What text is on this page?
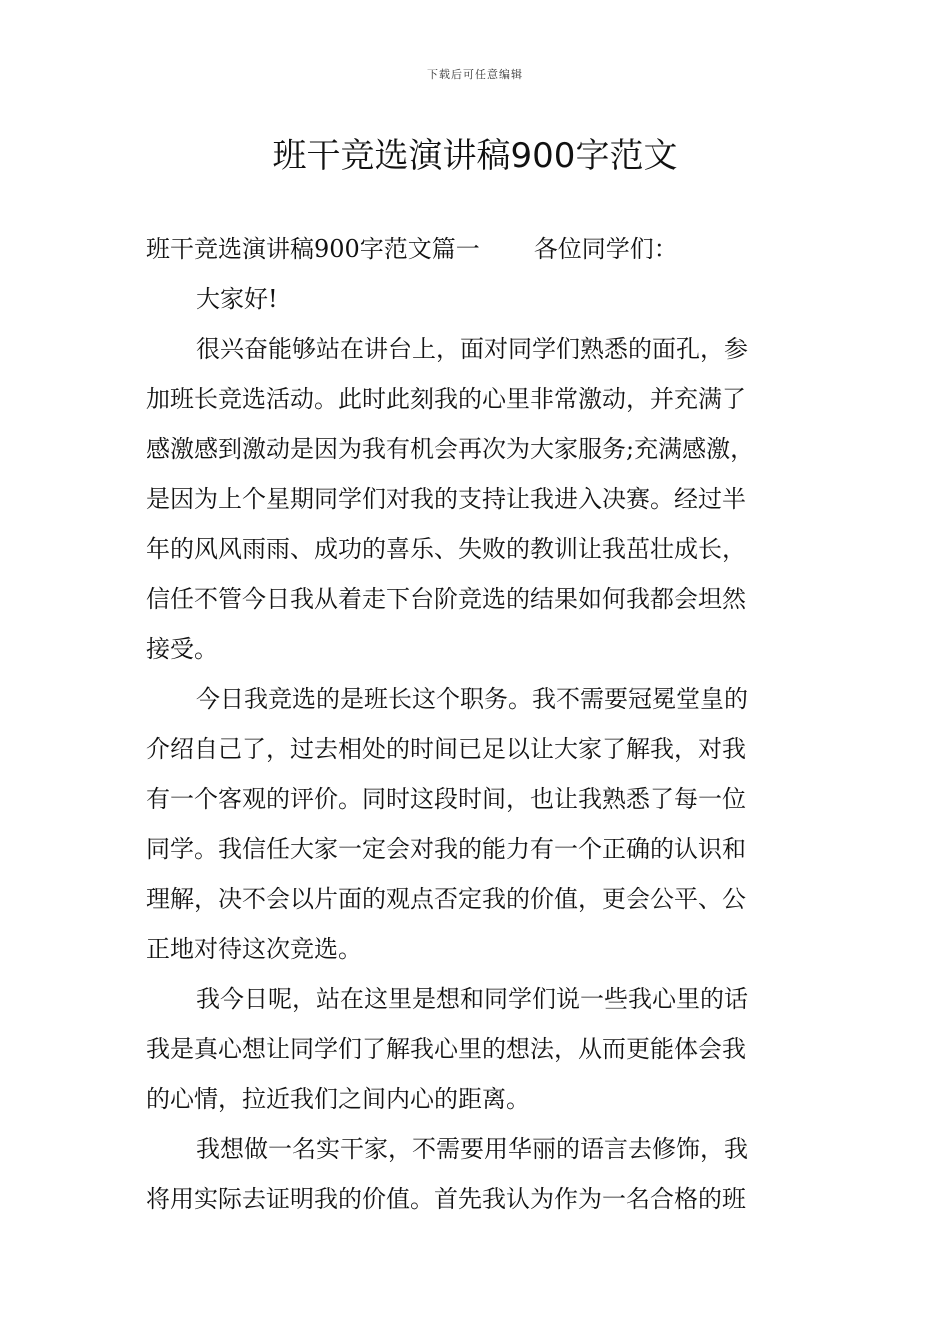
下载后可任意编辑
班干竞选演讲稿900字范文

班干竞选演讲稿900字范文篇一 各位同学们：

大家好!
很兴奋能够站在讲台上，面对同学们熟悉的面孔，参
加班长竞选活动。此时此刻我的心里非常激动，并充满了
感激感到激动是因为我有机会再次为大家服务;充满感激，
是因为上个星期同学们对我的支持让我进入决赛。经过半
年的风风雨雨、成功的喜乐、失败的教训让我茁壮成长，
信任不管今日我从着走下台阶竞选的结果如何我都会坦然
接受。
今日我竞选的是班长这个职务。我不需要冠冕堂皇的
介绍自己了，过去相处的时间已足以让大家了解我，对我
有一个客观的评价。同时这段时间，也让我熟悉了每一位
同学。我信任大家一定会对我的能力有一个正确的认识和
理解，决不会以片面的观点否定我的价值，更会公平、公
正地对待这次竞选。
我今日呢，站在这里是想和同学们说一些我心里的话
我是真心想让同学们了解我心里的想法，从而更能体会我
的心情，拉近我们之间内心的距离。
我想做一名实干家，不需要用华丽的语言去修饰，我
将用实际去证明我的价值。首先我认为作为一名合格的班
